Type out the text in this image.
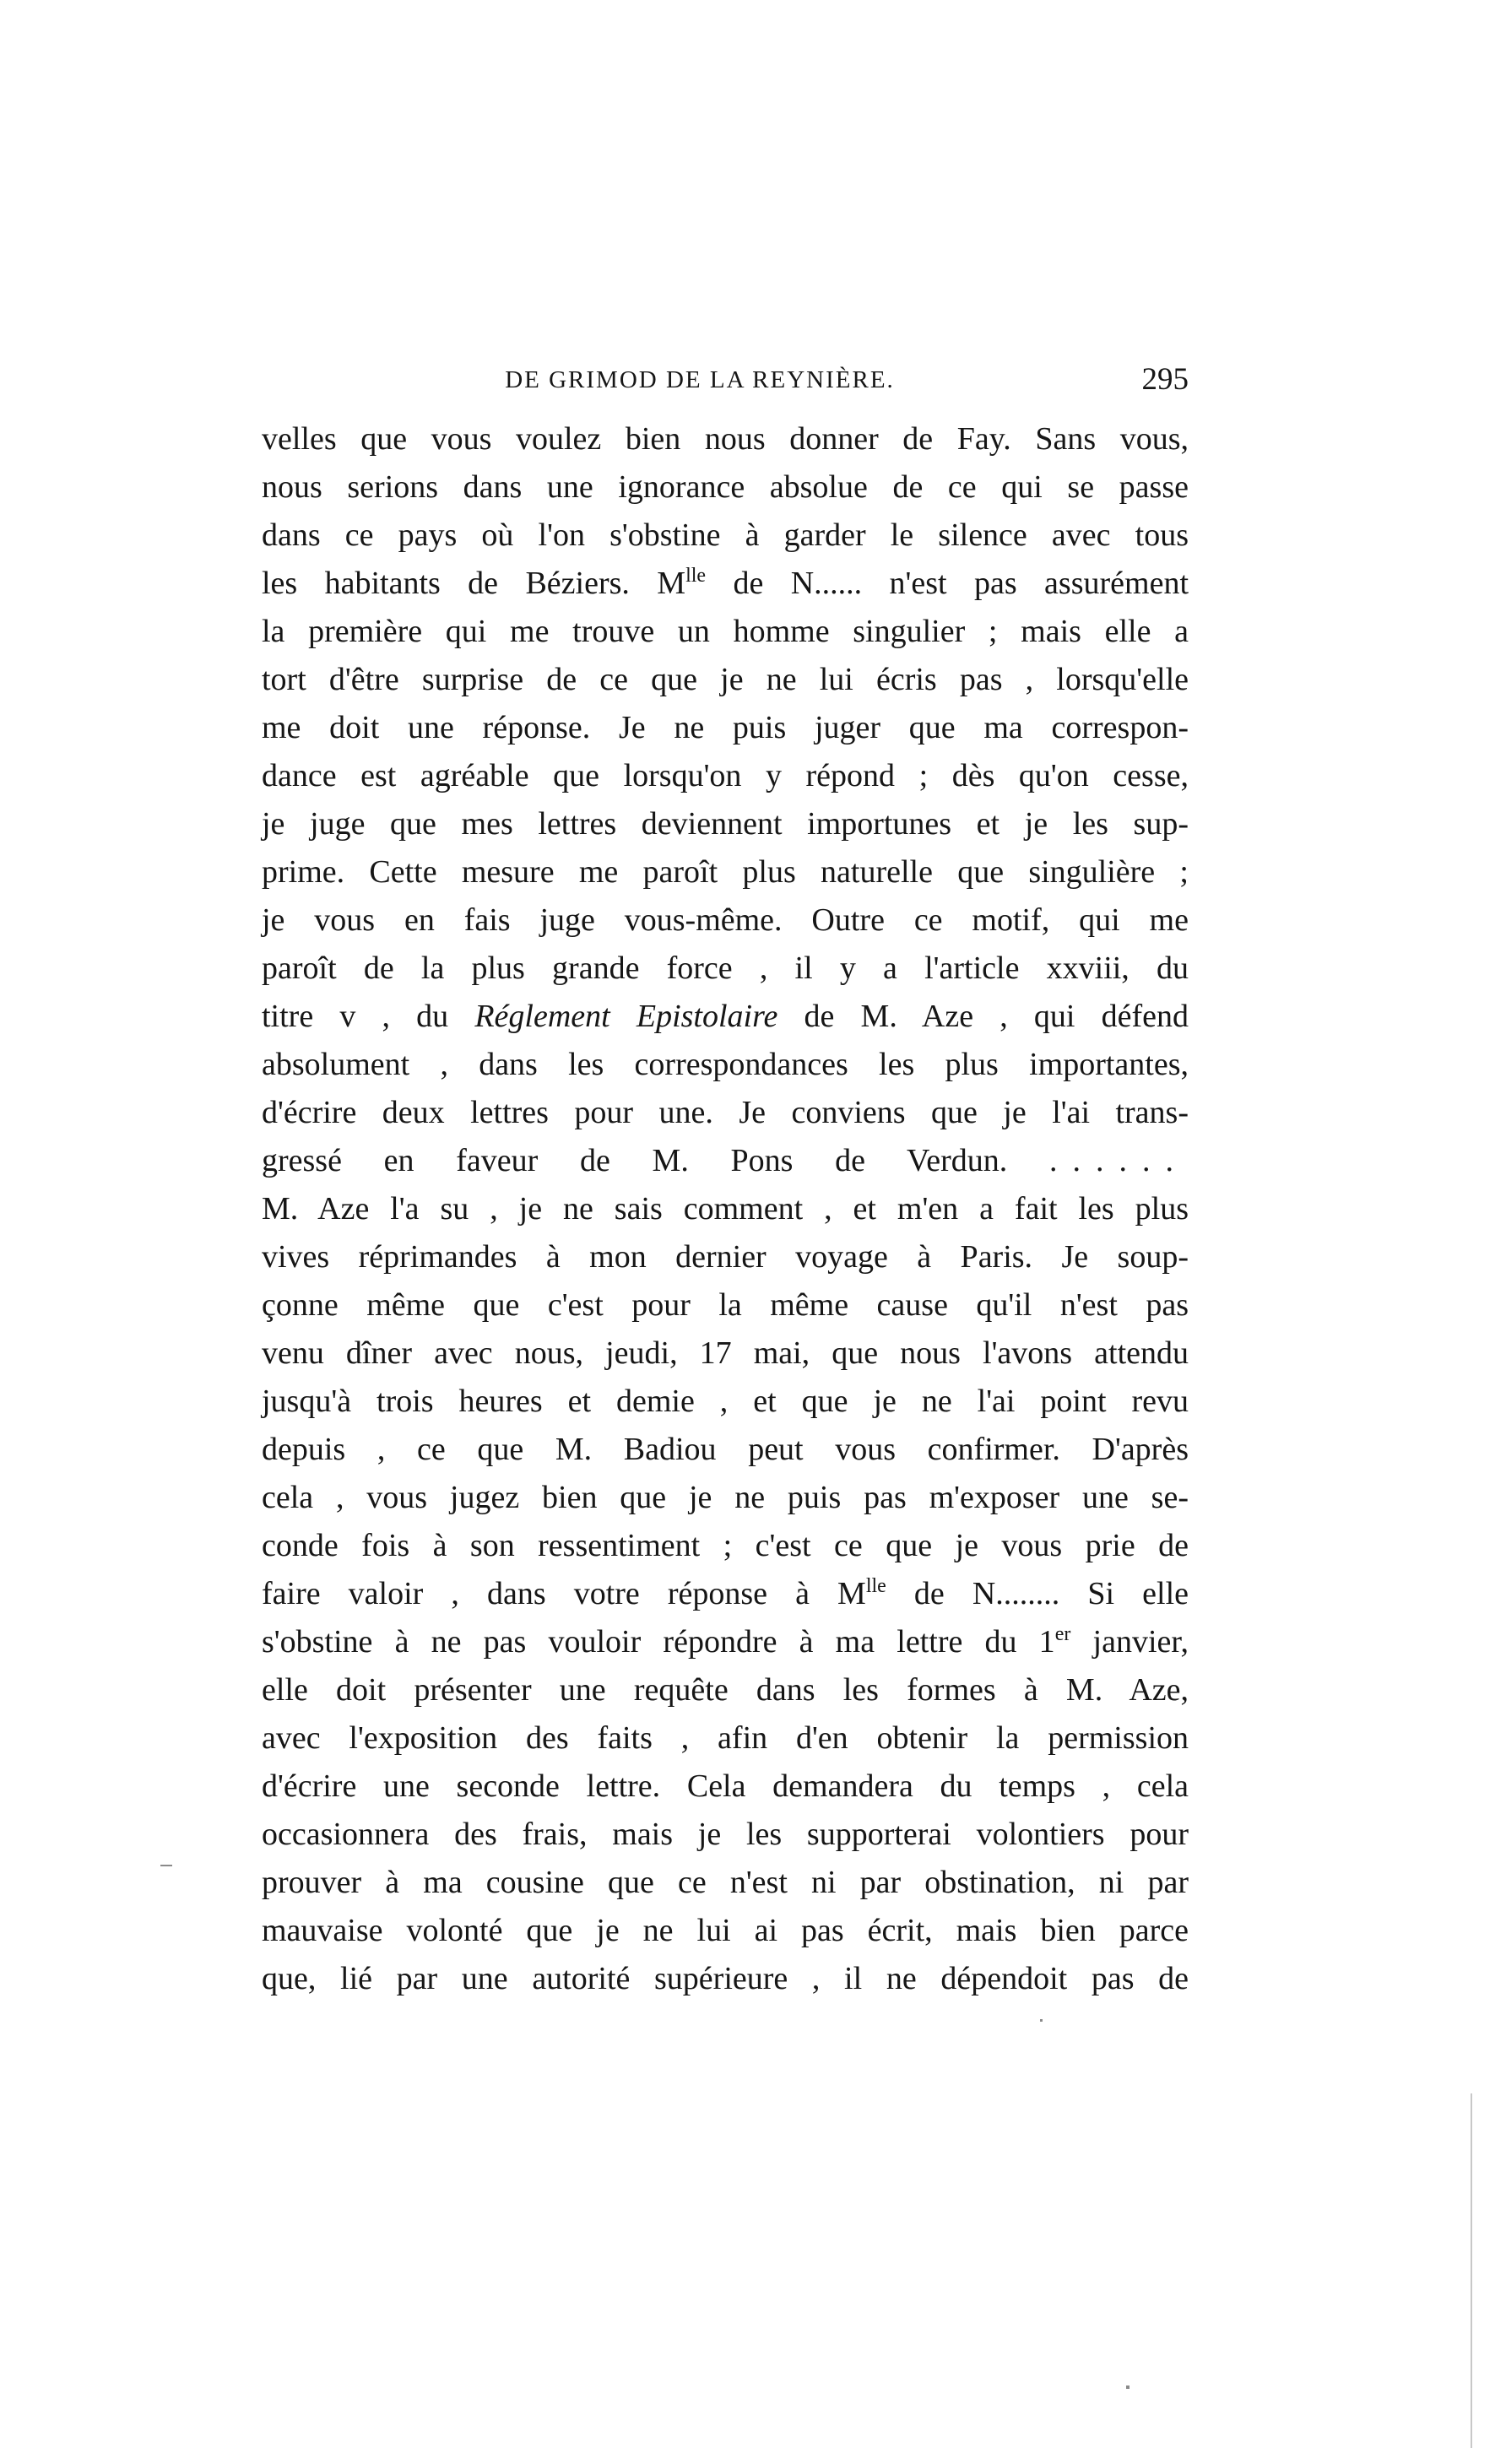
DE GRIMOD DE LA REYNIÈRE.	295
velles que vous voulez bien nous donner de Fay. Sans vous,
nous serions dans une ignorance absolue de ce qui se passe
dans ce pays où l'on s'obstine à garder le silence avec tous
les habitants de Béziers. $M^{lle}$ de N...... n'est pas assurément
la première qui me trouve un homme singulier ; mais elle a
tort d'être surprise de ce que je ne lui écris pas , lorsqu'elle
me doit une réponse. Je ne puis juger que ma correspon-
dance est agréable que lorsqu'on y répond ; dès qu'on cesse,
je juge que mes lettres deviennent importunes et je les sup-
prime. Cette mesure me paroît plus naturelle que singulière ;
je vous en fais juge vous-même. Outre ce motif, qui me
paroît de la plus grande force , il y a l'article xxviii, du
titre v , du Réglement Epistolaire de M. Aze , qui défend
absolument , dans les correspondances les plus importantes,
d'écrire deux lettres pour une. Je conviens que je l'ai trans-
gressé en faveur de M. Pons de Verdun. ......
M. Aze l'a su , je ne sais comment , et m'en a fait les plus
vives réprimandes à mon dernier voyage à Paris. Je soup-
çonne même que c'est pour la même cause qu'il n'est pas
venu dîner avec nous, jeudi, 17 mai, que nous l'avons attendu
jusqu'à trois heures et demie , et que je ne l'ai point revu
depuis , ce que M. Badiou peut vous confirmer. D'après
cela , vous jugez bien que je ne puis pas m'exposer une se-
conde fois à son ressentiment ; c'est ce que je vous prie de
faire valoir , dans votre réponse à $M^{lle}$ de N........ Si elle
s'obstine à ne pas vouloir répondre à ma lettre du 1er janvier,
elle doit présenter une requête dans les formes à M. Aze,
avec l'exposition des faits , afin d'en obtenir la permission
d'écrire une seconde lettre. Cela demandera du temps , cela
occasionnera des frais, mais je les supporterai volontiers pour
prouver à ma cousine que ce n'est ni par obstination, ni par
mauvaise volonté que je ne lui ai pas écrit, mais bien parce
que, lié par une autorité supérieure , il ne dépendoit pas de
